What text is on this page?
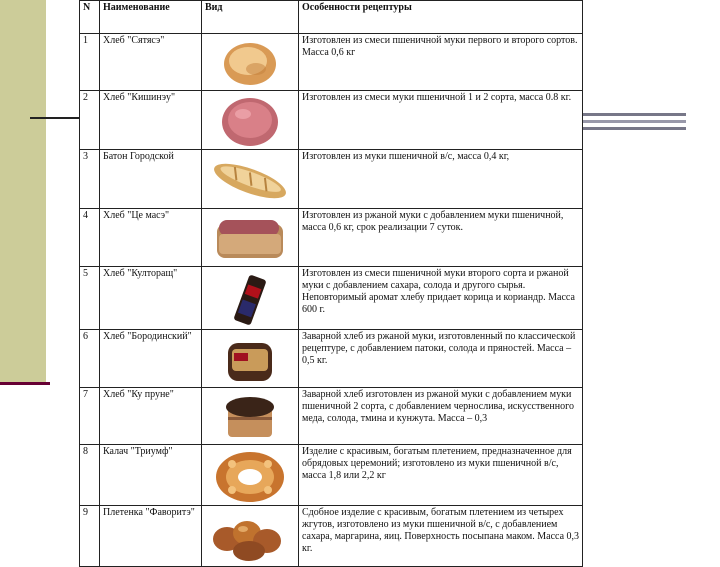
N	Наименование	Вид	Особенности рецептуры
1	Хлеб "Сятясэ"		Изготовлен из смеси пшеничной муки первого и второго сортов. Масса 0,6 кг
2	Хлеб "Кишинэу"		Изготовлен из смеси муки пшеничной 1 и 2 сорта, масса 0.8 кг.
3	Батон Городской		Изготовлен из муки пшеничной в/с, масса 0,4 кг,
4	Хлеб "Це масэ"		Изготовлен из ржаной муки с добавлением муки пшеничной, масса 0,6 кг, срок реализации 7 суток.
5	Хлеб "Култоращ"		Изготовлен из смеси пшеничной муки второго сорта и ржаной муки с добавлением сахара, солода и другого сырья. Неповторимый аромат хлебу придает корица и кориандр. Масса 600 г.
6	Хлеб "Бородинский"		Заварной хлеб из ржаной муки, изготовленный по классической рецептуре, с добавлением патоки, солода и пряностей. Масса – 0,5 кг.
7	Хлеб "Ку пруне"		Заварной хлеб изготовлен из ржаной муки с добавлением муки пшеничной 2 сорта, с добавлением чернослива, искусственного меда, солода, тмина и кунжута. Масса – 0,3
8	Калач "Триумф"		Изделие с красивым, богатым плетением, предназначенное для обрядовых церемоний; изготовлено из муки пшеничной в/с, масса 1,8 или 2,2 кг
9	Плетенка "Фаворитэ"		Сдобное изделие с красивым, богатым плетением из четырех жгутов, изготовлено из муки пшеничной в/с, с добавлением сахара, маргарина, яиц. Поверхность посыпана маком. Масса 0,3 кг.
